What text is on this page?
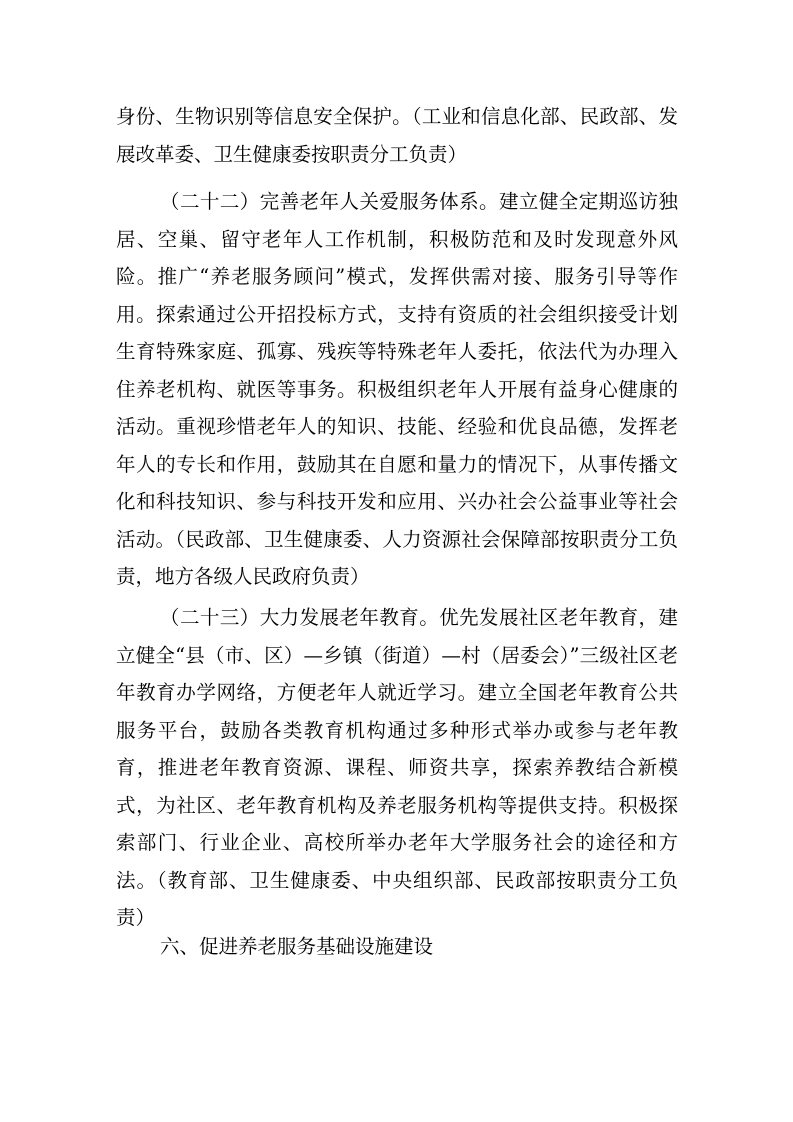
身份、生物识别等信息安全保护。（工业和信息化部、民政部、发展改革委、卫生健康委按职责分工负责）
（二十二）完善老年人关爱服务体系。建立健全定期巡访独居、空巢、留守老年人工作机制，积极防范和及时发现意外风险。推广“养老服务顾问”模式，发挥供需对接、服务引导等作用。探索通过公开招投标方式，支持有资质的社会组织接受计划生育特殊家庭、孤寡、残疾等特殊老年人委托，依法代为办理入住养老机构、就医等事务。积极组织老年人开展有益身心健康的活动。重视珍惜老年人的知识、技能、经验和优良品德，发挥老年人的专长和作用，鼓励其在自愿和量力的情况下，从事传播文化和科技知识、参与科技开发和应用、兴办社会公益事业等社会活动。（民政部、卫生健康委、人力资源社会保障部按职责分工负责，地方各级人民政府负责）
（二十三）大力发展老年教育。优先发展社区老年教育，建立健全“县（市、区）—乡镇（街道）—村（居委会）”三级社区老年教育办学网络，方便老年人就近学习。建立全国老年教育公共服务平台，鼓励各类教育机构通过多种形式举办或参与老年教育，推进老年教育资源、课程、师资共享，探索养教结合新模式，为社区、老年教育机构及养老服务机构等提供支持。积极探索部门、行业企业、高校所举办老年大学服务社会的途径和方法。（教育部、卫生健康委、中央组织部、民政部按职责分工负责）
六、促进养老服务基础设施建设
